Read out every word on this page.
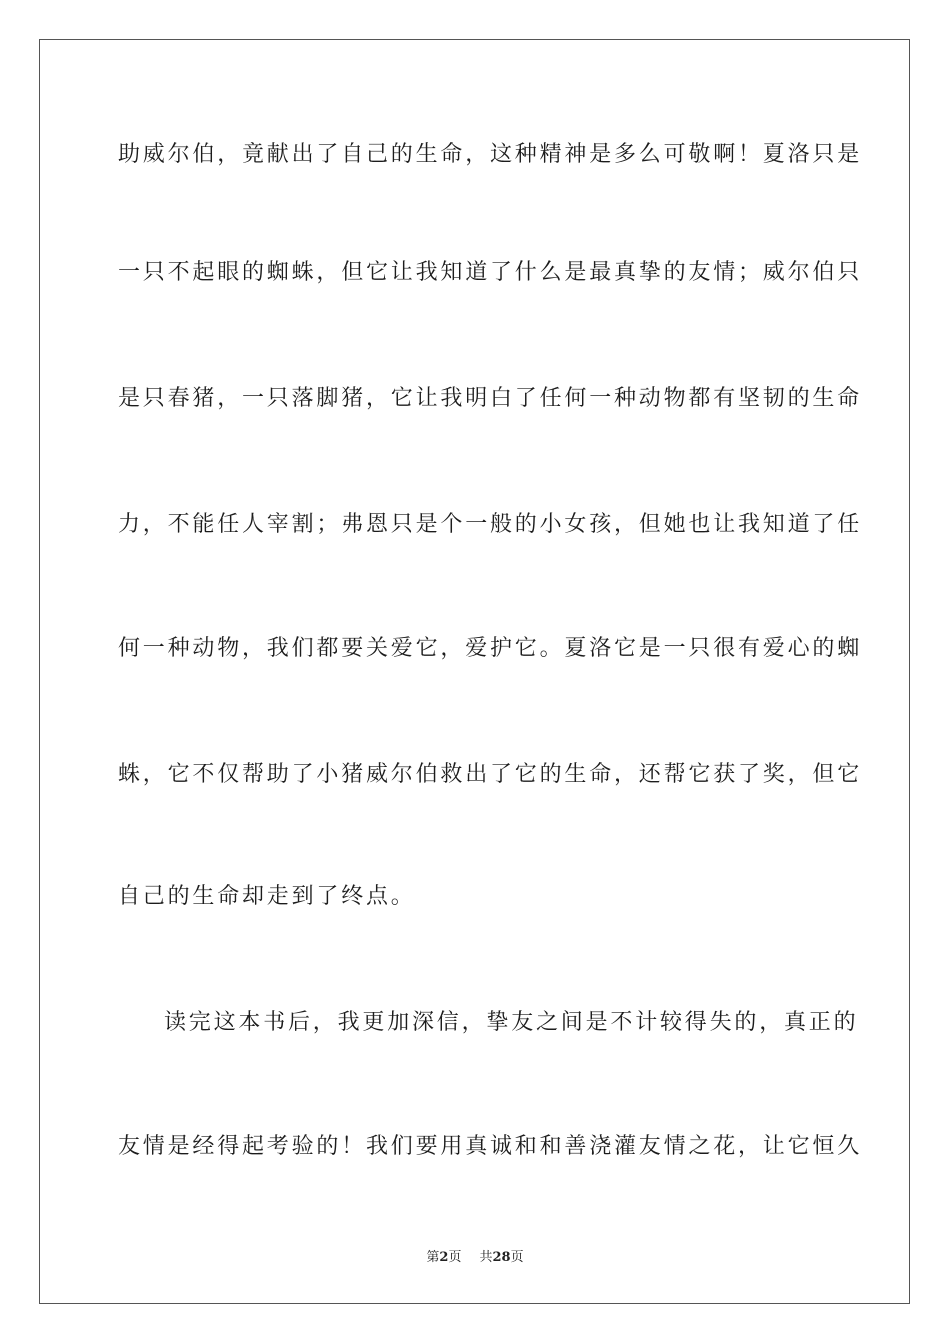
助威尔伯，竟献出了自己的生命，这种精神是多么可敬啊！夏洛只是
一只不起眼的蜘蛛，但它让我知道了什么是最真挚的友情；威尔伯只
是只春猪，一只落脚猪，它让我明白了任何一种动物都有坚韧的生命
力，不能任人宰割；弗恩只是个一般的小女孩，但她也让我知道了任
何一种动物，我们都要关爱它，爱护它。夏洛它是一只很有爱心的蜘
蛛，它不仅帮助了小猪威尔伯救出了它的生命，还帮它获了奖，但它
自己的生命却走到了终点。
读完这本书后，我更加深信，挚友之间是不计较得失的，真正的
友情是经得起考验的！我们要用真诚和和善浇灌友情之花，让它恒久
第2页 共28页
